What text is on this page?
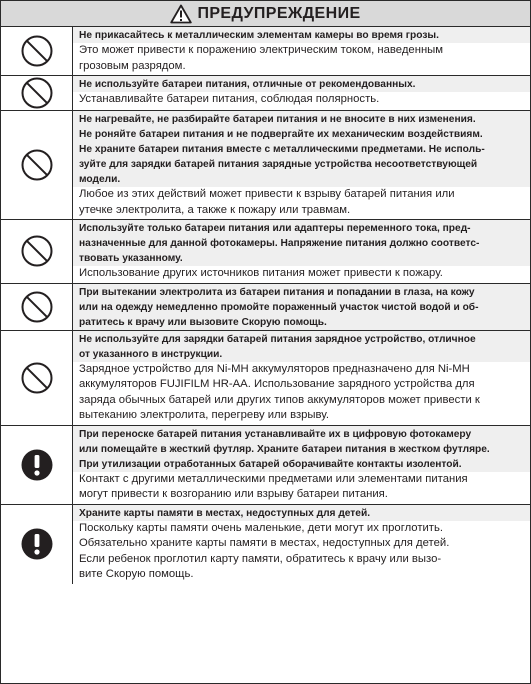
ПРЕДУПРЕЖДЕНИЕ
Не прикасайтесь к металлическим элементам камеры во время грозы.
Это может привести к поражению электрическим током, наведенным
грозовым разрядом.
Не используйте батареи питания, отличные от рекомендованных.
Устанавливайте батареи питания, соблюдая полярность.
Не нагревайте, не разбирайте батареи питания и не вносите в них изменения.
Не роняйте батареи питания и не подвергайте их механическим воздействиям.
Не храните батареи питания вместе с металлическими предметами. Не исполь-
зуйте для зарядки батарей питания зарядные устройства несоответствующей
модели.
Любое из этих действий может привести к взрыву батарей питания или
утечке электролита, а также к пожару или травмам.
Используйте только батареи питания или адаптеры переменного тока, пред-
назначенные для данной фотокамеры. Напряжение питания должно соответс-
твовать указанному.
Использование других источников питания может привести к пожару.
При вытекании электролита из батареи питания и попадании в глаза, на кожу
или на одежду немедленно промойте пораженный участок чистой водой и об-
ратитесь к врачу или вызовите Скорую помощь.
Не используйте для зарядки батарей питания зарядное устройство, отличное
от указанного в инструкции.
Зарядное устройство для Ni-MH аккумуляторов предназначено для Ni-MH
аккумуляторов FUJIFILM HR-AA. Использование зарядного устройства для
заряда обычных батарей или других типов аккумуляторов может привести к
вытеканию электролита, перегреву или взрыву.
При переноске батарей питания устанавливайте их в цифровую фотокамеру
или помещайте в жесткий футляр. Храните батареи питания в жестком футляре.
При утилизации отработанных батарей оборачивайте контакты изолентой.
Контакт с другими металлическими предметами или элементами питания
могут привести к возгоранию или взрыву батареи питания.
Храните карты памяти в местах, недоступных для детей.
Поскольку карты памяти очень маленькие, дети могут их проглотить.
Обязательно храните карты памяти в местах, недоступных для детей.
Если ребенок проглотил карту памяти, обратитесь к врачу или вызо-
вите Скорую помощь.
